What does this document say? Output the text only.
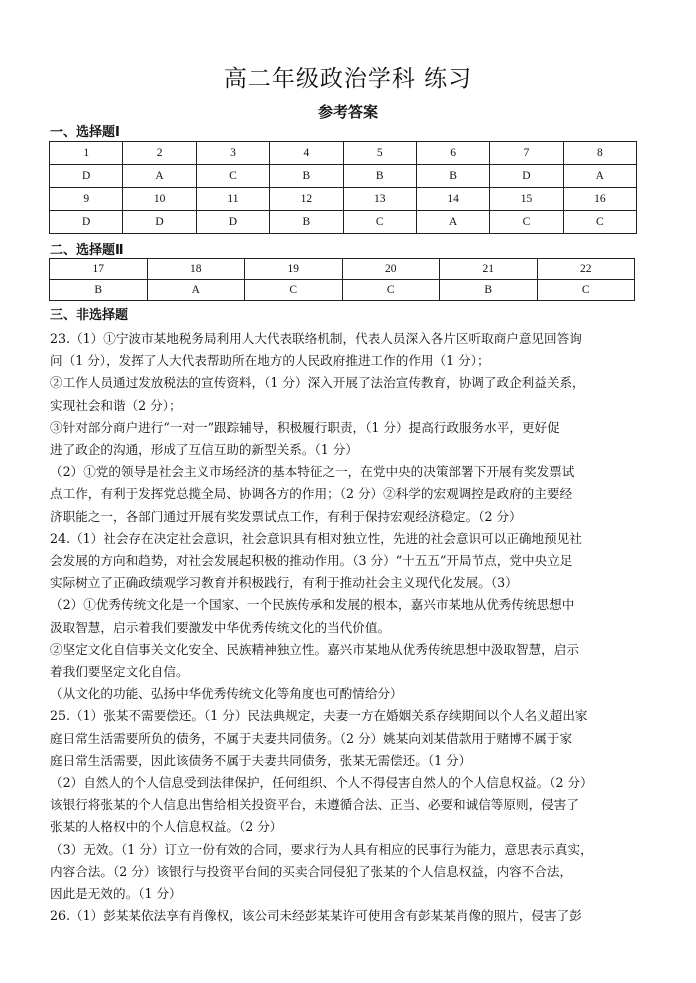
高二年级政治学科 练习
参考答案
一、选择题Ⅰ
1	2	3	4	5	6	7	8
D	A	C	B	B	B	D	A
9	10	11	12	13	14	15	16
D	D	D	B	C	A	C	C
二、选择题Ⅱ
17	18	19	20	21	22
B	A	C	C	B	C
三、非选择题

23.（1）①宁波市某地税务局利用人大代表联络机制，代表人员深入各片区听取商户意见回答询

问（1 分），发挥了人大代表帮助所在地方的人民政府推进工作的作用（1 分）；

②工作人员通过发放税法的宣传资料，（1 分）深入开展了法治宣传教育，协调了政企利益关系，

实现社会和谐（2 分）；

③针对部分商户进行“一对一”跟踪辅导，积极履行职责，（1 分）提高行政服务水平，更好促

进了政企的沟通，形成了互信互助的新型关系。（1 分）

（2）①党的领导是社会主义市场经济的基本特征之一，在党中央的决策部署下开展有奖发票试

点工作，有利于发挥党总揽全局、协调各方的作用；（2 分）②科学的宏观调控是政府的主要经

济职能之一，各部门通过开展有奖发票试点工作，有利于保持宏观经济稳定。（2 分）

24.（1）社会存在决定社会意识，社会意识具有相对独立性，先进的社会意识可以正确地预见社

会发展的方向和趋势，对社会发展起积极的推动作用。（3 分）“十五五”开局节点，党中央立足

实际树立了正确政绩观学习教育并积极践行，有利于推动社会主义现代化发展。（3）

（2）①优秀传统文化是一个国家、一个民族传承和发展的根本，嘉兴市某地从优秀传统思想中

汲取智慧，启示着我们要激发中华优秀传统文化的当代价值。

②坚定文化自信事关文化安全、民族精神独立性。嘉兴市某地从优秀传统思想中汲取智慧，启示

着我们要坚定文化自信。

（从文化的功能、弘扬中华优秀传统文化等角度也可酌情给分）

25.（1）张某不需要偿还。（1 分）民法典规定，夫妻一方在婚姻关系存续期间以个人名义超出家

庭日常生活需要所负的债务，不属于夫妻共同债务。（2 分）姚某向刘某借款用于赌博不属于家

庭日常生活需要，因此该债务不属于夫妻共同债务，张某无需偿还。（1 分）

（2）自然人的个人信息受到法律保护，任何组织、个人不得侵害自然人的个人信息权益。（2 分）

该银行将张某的个人信息出售给相关投资平台，未遵循合法、正当、必要和诚信等原则，侵害了

张某的人格权中的个人信息权益。（2 分）

（3）无效。（1 分）订立一份有效的合同，要求行为人具有相应的民事行为能力，意思表示真实，

内容合法。（2 分）该银行与投资平台间的买卖合同侵犯了张某的个人信息权益，内容不合法，

因此是无效的。（1 分）

26.（1）彭某某依法享有肖像权，该公司未经彭某某许可使用含有彭某某肖像的照片，侵害了彭
